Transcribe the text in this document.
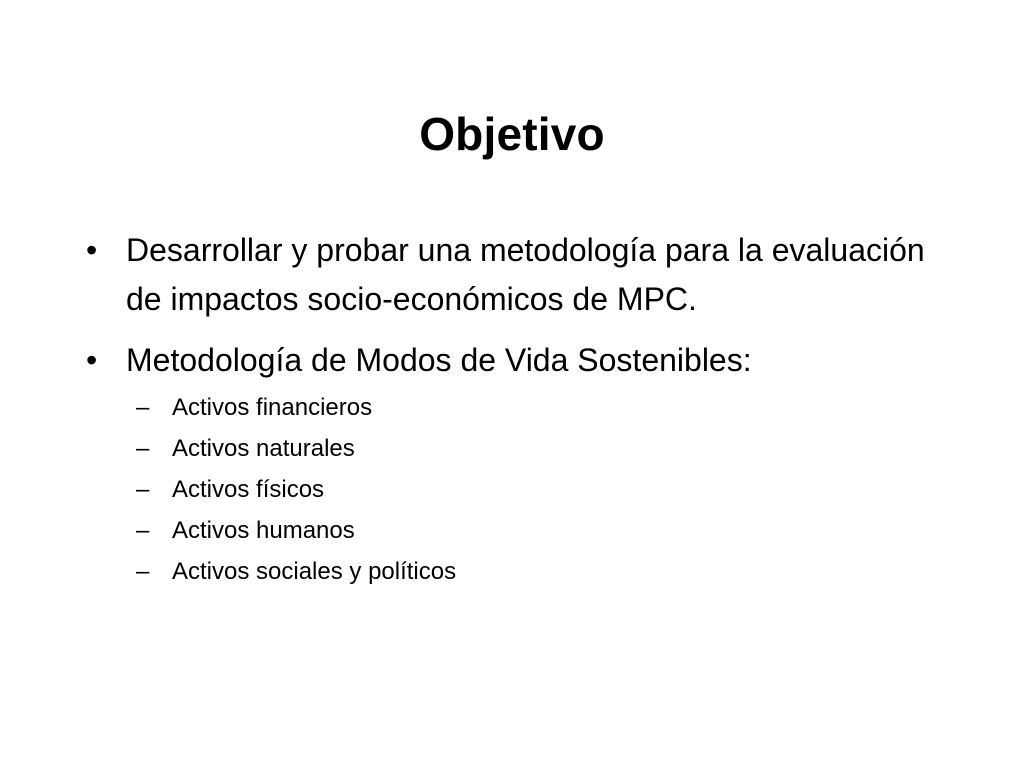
Objetivo
• Desarrollar y probar una metodología para la evaluación de impactos socio-económicos de MPC.
• Metodología de Modos de Vida Sostenibles:
– Activos financieros
– Activos naturales
– Activos físicos
– Activos humanos
– Activos sociales y políticos
